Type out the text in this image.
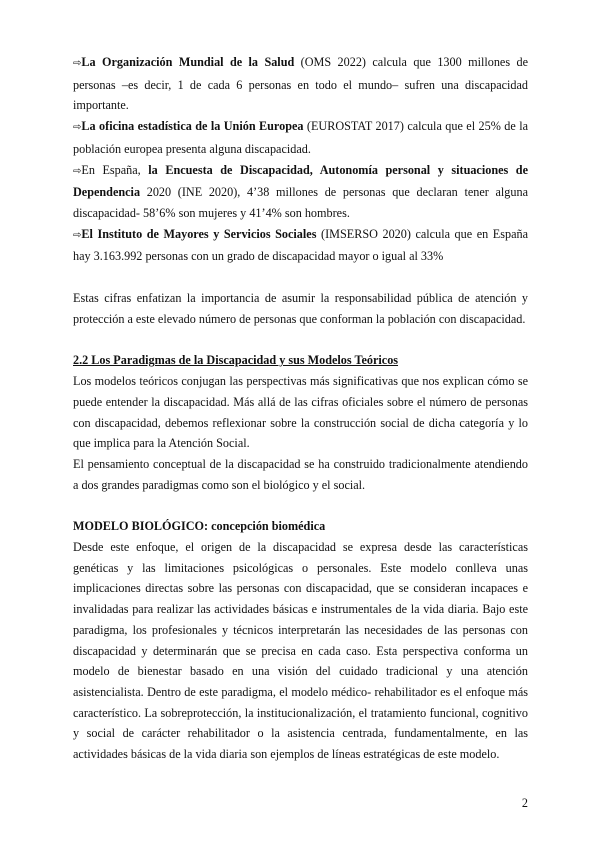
⇨La Organización Mundial de la Salud (OMS 2022) calcula que 1300 millones de personas –es decir, 1 de cada 6 personas en todo el mundo– sufren una discapacidad importante.

⇨La oficina estadística de la Unión Europea (EUROSTAT 2017) calcula que el 25% de la población europea presenta alguna discapacidad.

⇨En España, la Encuesta de Discapacidad, Autonomía personal y situaciones de Dependencia 2020 (INE 2020), 4’38 millones de personas que declaran tener alguna discapacidad- 58’6% son mujeres y 41’4% son hombres.

⇨El Instituto de Mayores y Servicios Sociales (IMSERSO 2020) calcula que en España hay 3.163.992 personas con un grado de discapacidad mayor o igual al 33%

Estas cifras enfatizan la importancia de asumir la responsabilidad pública de atención y protección a este elevado número de personas que conforman la población con discapacidad.

2.2 Los Paradigmas de la Discapacidad y sus Modelos Teóricos

Los modelos teóricos conjugan las perspectivas más significativas que nos explican cómo se puede entender la discapacidad. Más allá de las cifras oficiales sobre el número de personas con discapacidad, debemos reflexionar sobre la construcción social de dicha categoría y lo que implica para la Atención Social.

El pensamiento conceptual de la discapacidad se ha construido tradicionalmente atendiendo a dos grandes paradigmas como son el biológico y el social.

MODELO BIOLÓGICO: concepción biomédica

Desde este enfoque, el origen de la discapacidad se expresa desde las características genéticas y las limitaciones psicológicas o personales. Este modelo conlleva unas implicaciones directas sobre las personas con discapacidad, que se consideran incapaces e invalidadas para realizar las actividades básicas e instrumentales de la vida diaria. Bajo este paradigma, los profesionales y técnicos interpretarán las necesidades de las personas con discapacidad y determinarán que se precisa en cada caso. Esta perspectiva conforma un modelo de bienestar basado en una visión del cuidado tradicional y una atención asistencialista. Dentro de este paradigma, el modelo médico- rehabilitador es el enfoque más característico. La sobreprotección, la institucionalización, el tratamiento funcional, cognitivo y social de carácter rehabilitador o la asistencia centrada, fundamentalmente, en las actividades básicas de la vida diaria son ejemplos de líneas estratégicas de este modelo.

2
